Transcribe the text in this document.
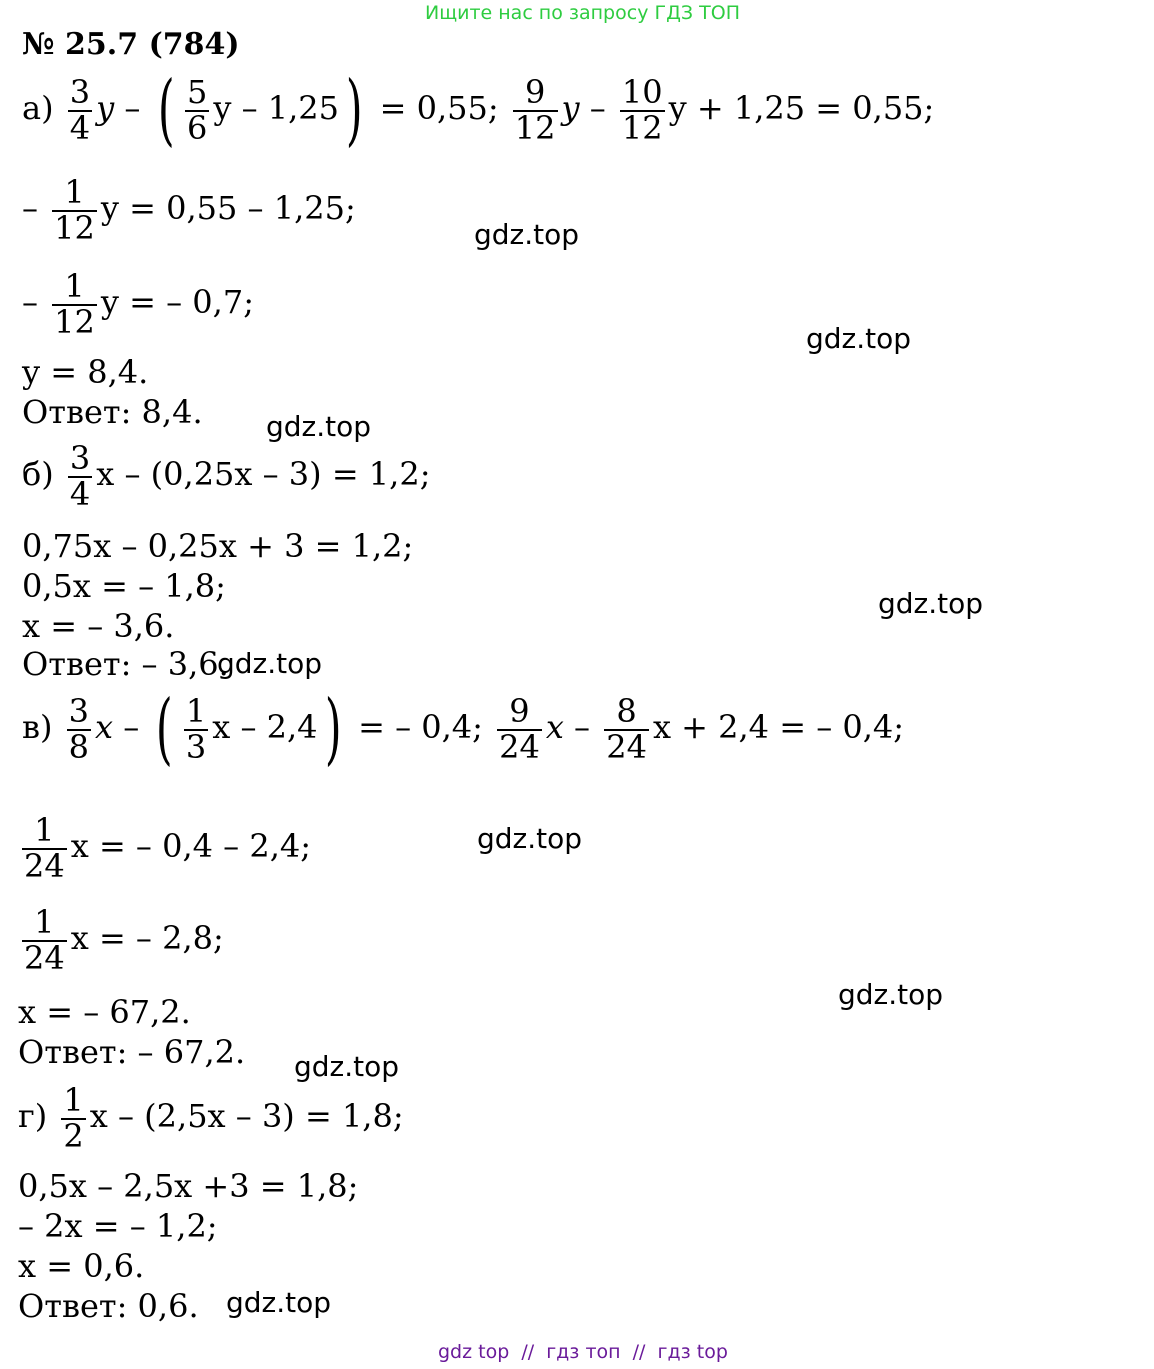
Ищите нас по запросу ГДЗ ТОП
№ 25.7 (784)
$а) \frac{3}{4}$ y – ( $\frac{5}{6}$ y – 1,25) = 0,55; $\frac{9}{12}$ y – $\frac{10}{12}$ y + 1,25 = 0,55;
– $\frac{1}{12}$ y = 0,55 – 1,25;
gdz.top
– $\frac{1}{12}$ y = – 0,7;
gdz.top
y = 8,4.
Ответ: 8,4. gdz.top
$б) \frac{3}{4}$ x – (0,25x – 3) = 1,2;
0,75x – 0,25x + 3 = 1,2;
0,5x = – 1,8;	gdz.top
x = – 3,6.
Ответ: – 3,6.
gdz.top
$в) \frac{3}{8}$ x – ( $\frac{1}{3}$ x – 2,4) = – 0,4; $\frac{9}{24}$ x – $\frac{8}{24}$ x + 2,4 = – 0,4;
$\frac{1}{24}$ x = – 0,4 – 2,4;	gdz.top
$\frac{1}{24}$ x = – 2,8;
gdz.top
x = – 67,2.
Ответ: – 67,2. gdz.top
$г) \frac{1}{2}$ x – (2,5x – 3) = 1,8;
0,5x – 2,5x +3 = 1,8;
– 2x = – 1,2;
x = 0,6.
Ответ: 0,6. gdz.top
gdz top // гдз топ // гдз top
